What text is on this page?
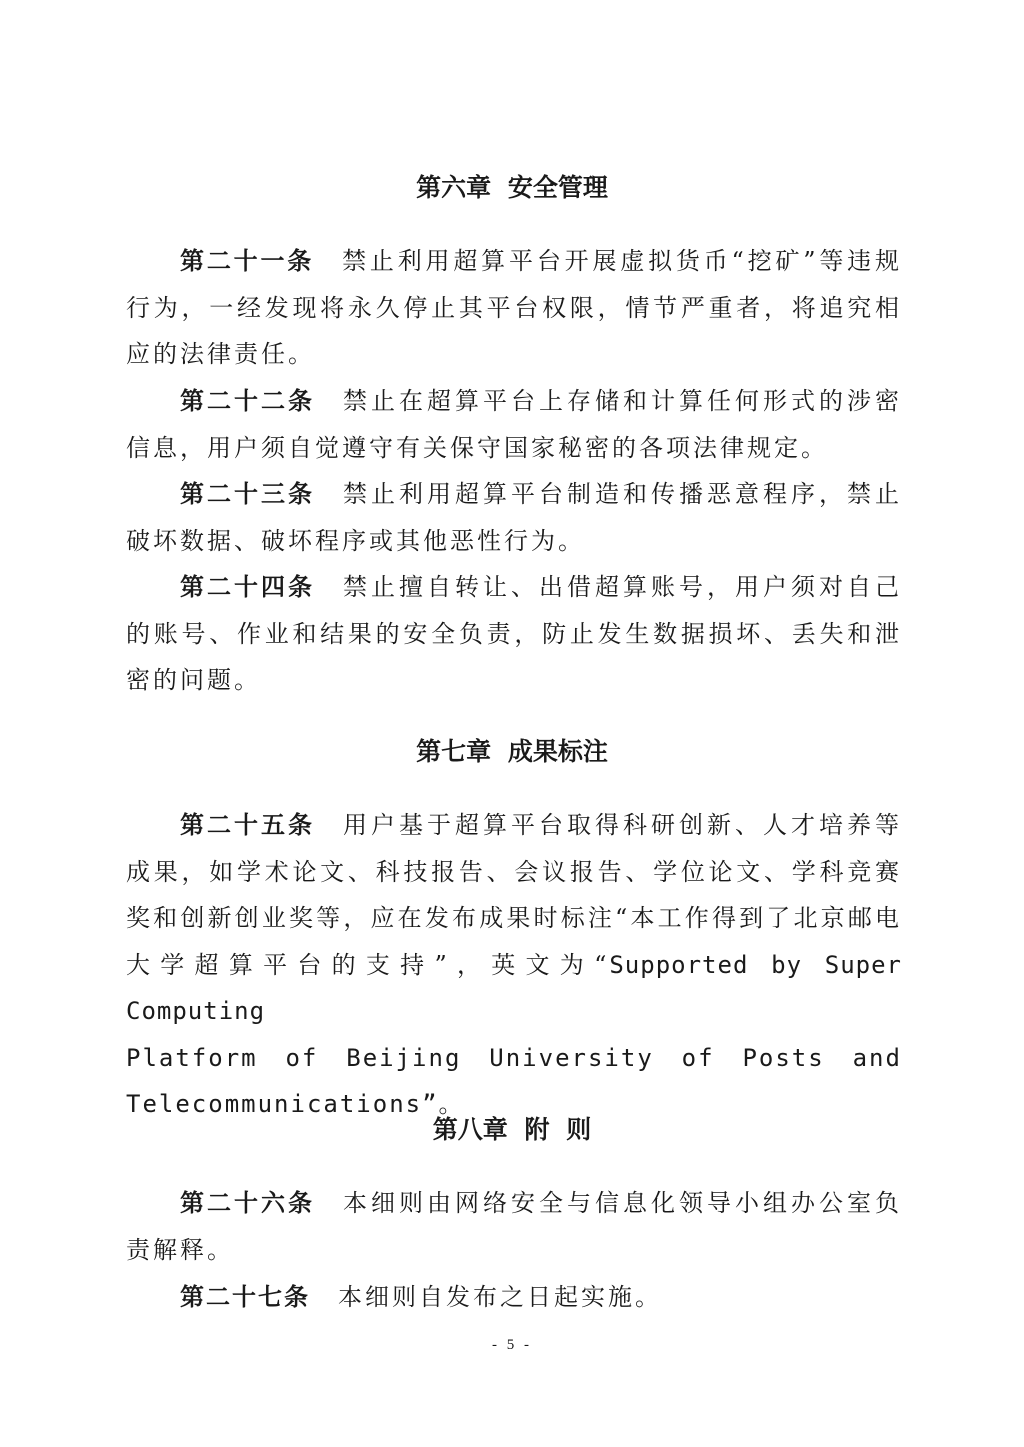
第六章 安全管理

第二十一条 禁止利用超算平台开展虚拟货币“挖矿”等违规行为，一经发现将永久停止其平台权限，情节严重者，将追究相应的法律责任。

第二十二条 禁止在超算平台上存储和计算任何形式的涉密信息，用户须自觉遵守有关保守国家秘密的各项法律规定。

第二十三条 禁止利用超算平台制造和传播恶意程序，禁止破坏数据、破坏程序或其他恶性行为。

第二十四条 禁止擅自转让、出借超算账号，用户须对自己的账号、作业和结果的安全负责，防止发生数据损坏、丢失和泄密的问题。

第七章 成果标注
第二十五条 用户基于超算平台取得科研创新、人才培养等成果，如学术论文、科技报告、会议报告、学位论文、学科竞赛奖和创新创业奖等，应在发布成果时标注“本工作得到了北京邮电大学超算平台的支持”，英文为“Supported by Super Computing
Platform of Beijing University of Posts and
Telecommunications”。
第八章 附 则

第二十六条 本细则由网络安全与信息化领导小组办公室负责解释。

第二十七条 本细则自发布之日起实施。

- 5 -
